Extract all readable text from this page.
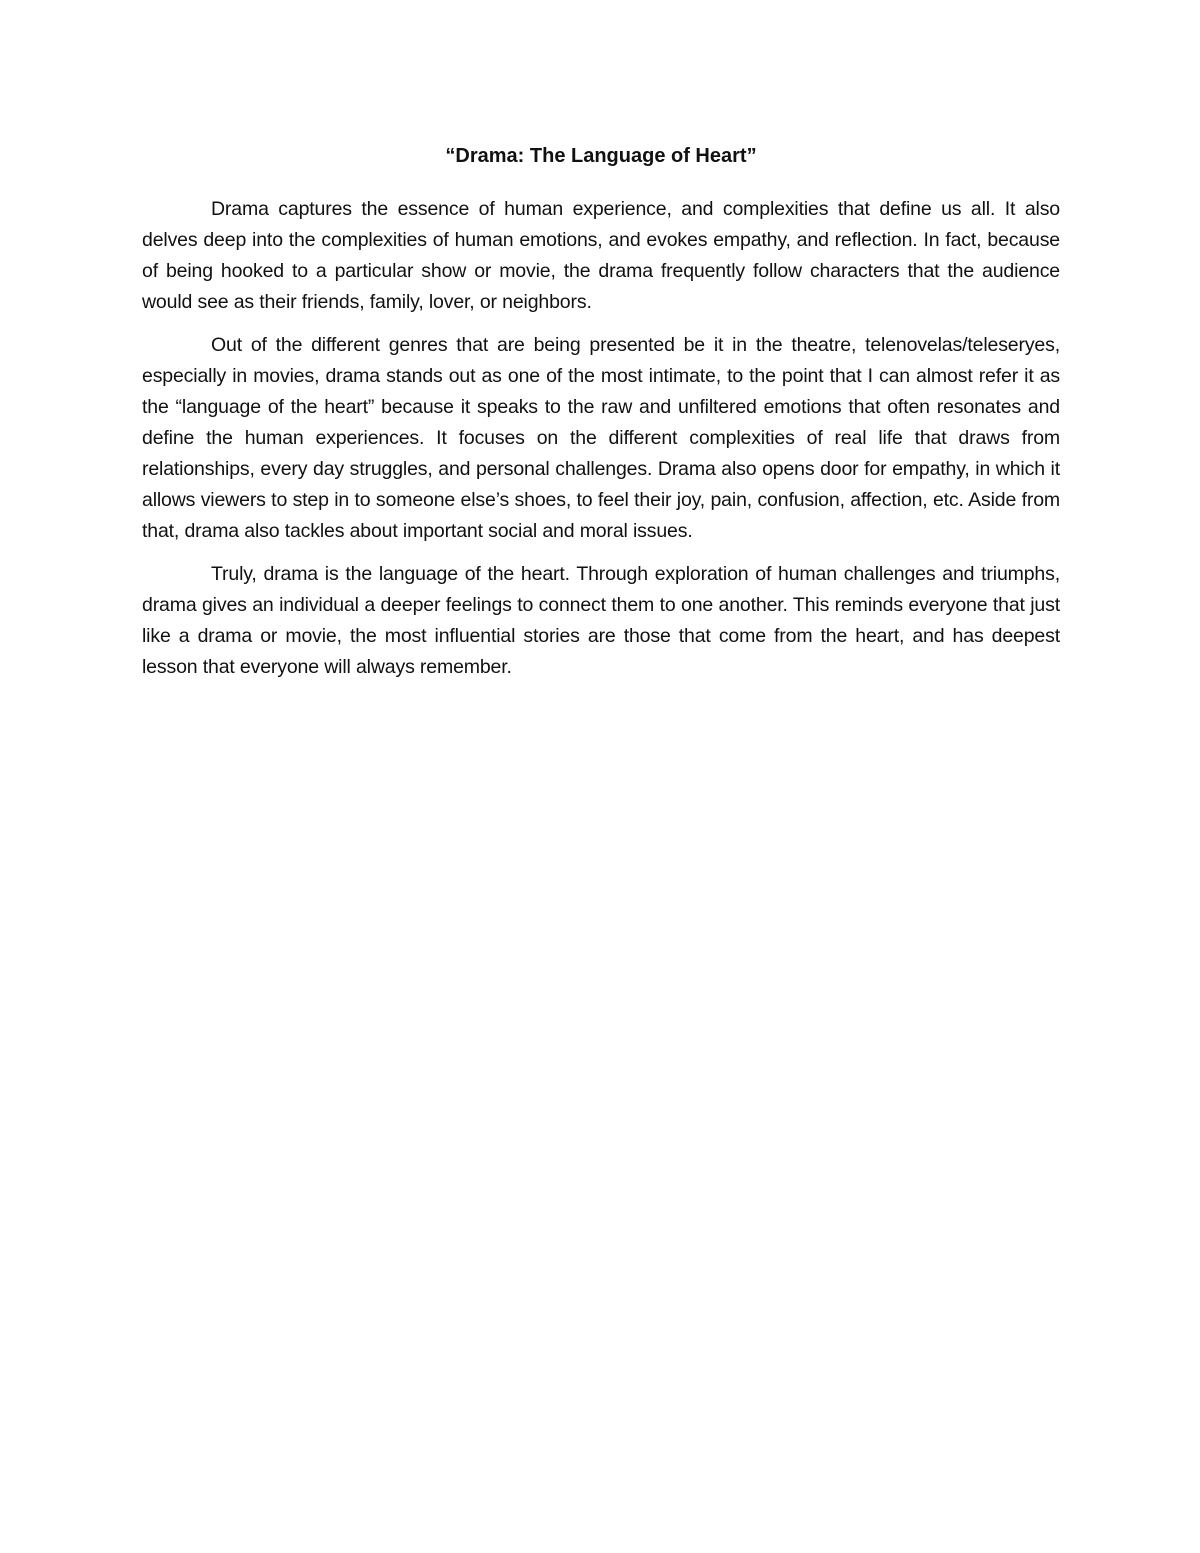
“Drama: The Language of Heart”

Drama captures the essence of human experience, and complexities that define us all. It also delves deep into the complexities of human emotions, and evokes empathy, and reflection. In fact, because of being hooked to a particular show or movie, the drama frequently follow characters that the audience would see as their friends, family, lover, or neighbors.

Out of the different genres that are being presented be it in the theatre, telenovelas/teleseryes, especially in movies, drama stands out as one of the most intimate, to the point that I can almost refer it as the “language of the heart” because it speaks to the raw and unfiltered emotions that often resonates and define the human experiences. It focuses on the different complexities of real life that draws from relationships, every day struggles, and personal challenges. Drama also opens door for empathy, in which it allows viewers to step in to someone else’s shoes, to feel their joy, pain, confusion, affection, etc. Aside from that, drama also tackles about important social and moral issues.

Truly, drama is the language of the heart. Through exploration of human challenges and triumphs, drama gives an individual a deeper feelings to connect them to one another. This reminds everyone that just like a drama or movie, the most influential stories are those that come from the heart, and has deepest lesson that everyone will always remember.
